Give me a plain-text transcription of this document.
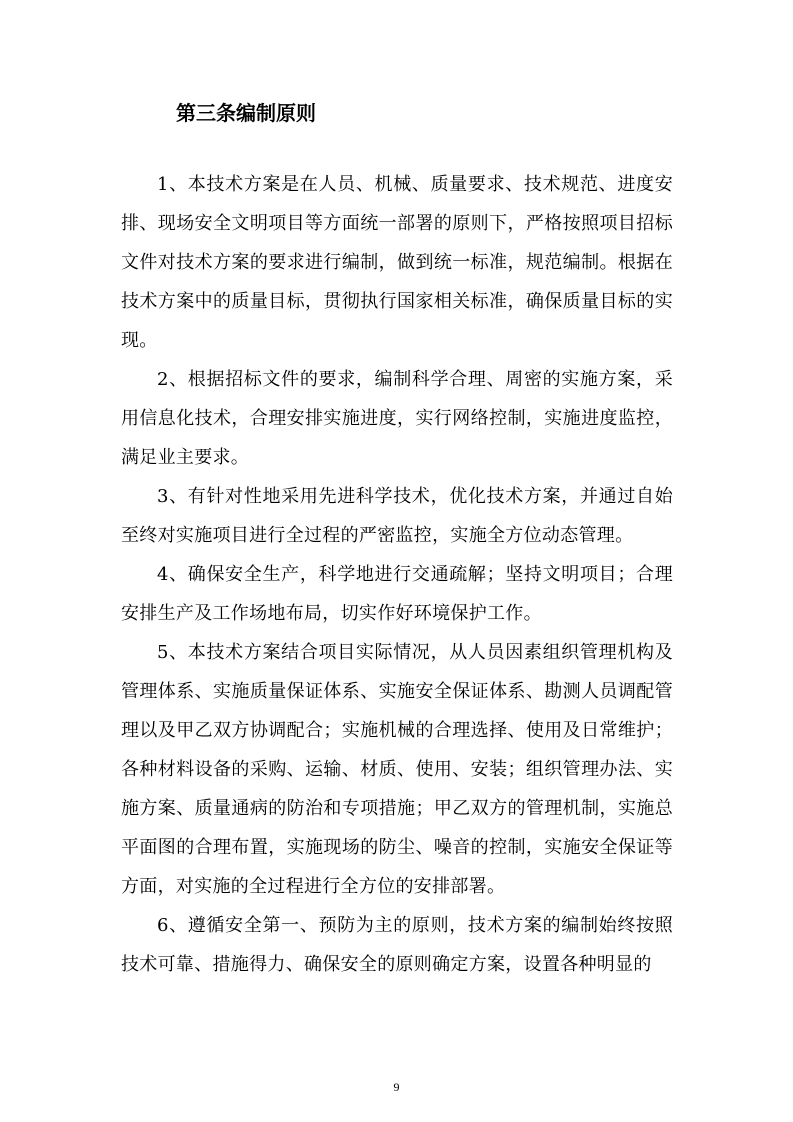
第三条编制原则

1、本技术方案是在人员、机械、质量要求、技术规范、进度安排、现场安全文明项目等方面统一部署的原则下，严格按照项目招标文件对技术方案的要求进行编制，做到统一标准，规范编制。根据在技术方案中的质量目标，贯彻执行国家相关标准，确保质量目标的实现。

2、根据招标文件的要求，编制科学合理、周密的实施方案，采用信息化技术，合理安排实施进度，实行网络控制，实施进度监控，满足业主要求。

3、有针对性地采用先进科学技术，优化技术方案，并通过自始至终对实施项目进行全过程的严密监控，实施全方位动态管理。

4、确保安全生产，科学地进行交通疏解；坚持文明项目；合理安排生产及工作场地布局，切实作好环境保护工作。

5、本技术方案结合项目实际情况，从人员因素组织管理机构及管理体系、实施质量保证体系、实施安全保证体系、勘测人员调配管理以及甲乙双方协调配合；实施机械的合理选择、使用及日常维护；各种材料设备的采购、运输、材质、使用、安装；组织管理办法、实施方案、质量通病的防治和专项措施；甲乙双方的管理机制，实施总平面图的合理布置，实施现场的防尘、噪音的控制，实施安全保证等方面，对实施的全过程进行全方位的安排部署。

6、遵循安全第一、预防为主的原则，技术方案的编制始终按照技术可靠、措施得力、确保安全的原则确定方案，设置各种明显的

9
